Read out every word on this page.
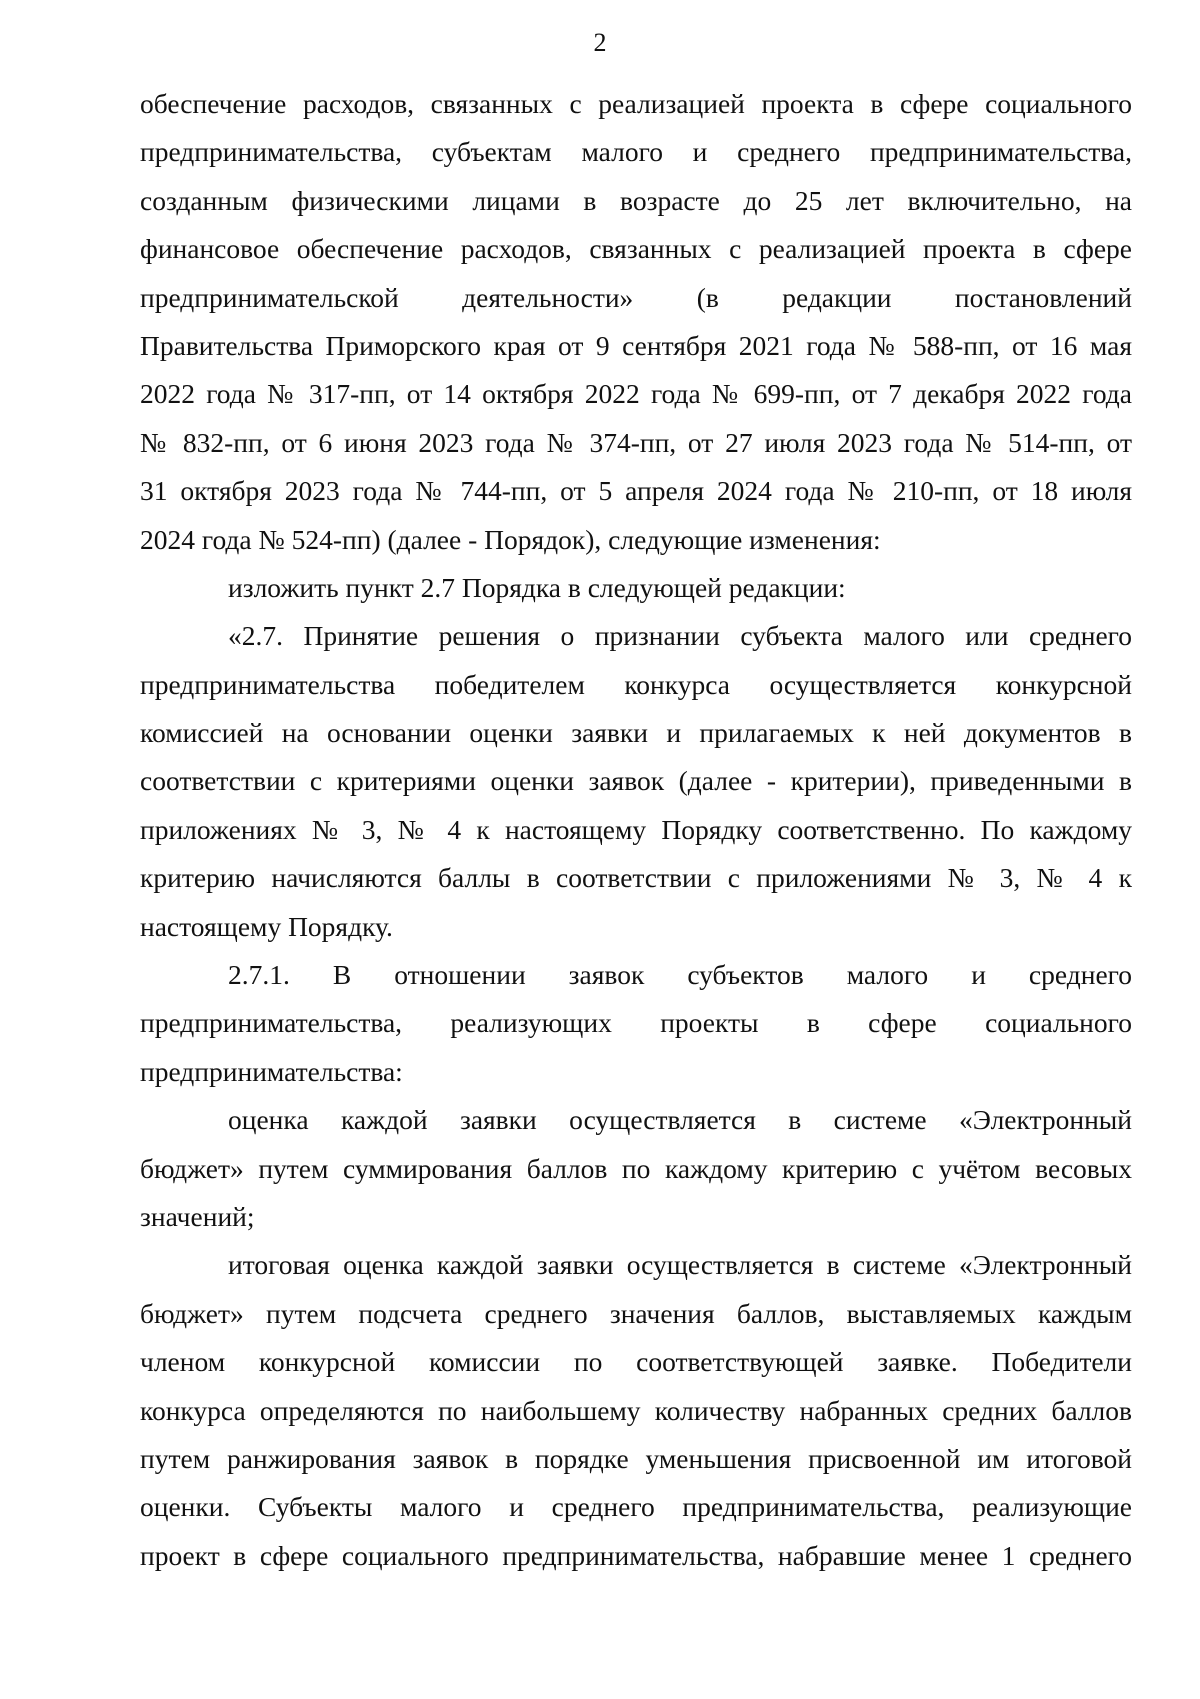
2
обеспечение расходов, связанных с реализацией проекта в сфере социального
предпринимательства, субъектам малого и среднего предпринимательства,
созданным физическими лицами в возрасте до 25 лет включительно, на
финансовое обеспечение расходов, связанных с реализацией проекта в сфере
предпринимательской деятельности» (в редакции постановлений
Правительства Приморского края от 9 сентября 2021 года № 588-пп, от 16 мая
2022 года № 317-пп, от 14 октября 2022 года № 699-пп, от 7 декабря 2022 года
№ 832-пп, от 6 июня 2023 года № 374-пп, от 27 июля 2023 года № 514-пп, от
31 октября 2023 года № 744-пп, от 5 апреля 2024 года № 210-пп, от 18 июля
2024 года № 524-пп) (далее - Порядок), следующие изменения:
изложить пункт 2.7 Порядка в следующей редакции:
«2.7. Принятие решения о признании субъекта малого или среднего
предпринимательства победителем конкурса осуществляется конкурсной
комиссией на основании оценки заявки и прилагаемых к ней документов в
соответствии с критериями оценки заявок (далее - критерии), приведенными в
приложениях № 3, № 4 к настоящему Порядку соответственно. По каждому
критерию начисляются баллы в соответствии с приложениями № 3, № 4 к
настоящему Порядку.
2.7.1. В отношении заявок субъектов малого и среднего
предпринимательства, реализующих проекты в сфере социального
предпринимательства:
оценка каждой заявки осуществляется в системе «Электронный
бюджет» путем суммирования баллов по каждому критерию с учётом весовых
значений;
итоговая оценка каждой заявки осуществляется в системе «Электронный
бюджет» путем подсчета среднего значения баллов, выставляемых каждым
членом конкурсной комиссии по соответствующей заявке. Победители
конкурса определяются по наибольшему количеству набранных средних баллов
путем ранжирования заявок в порядке уменьшения присвоенной им итоговой
оценки. Субъекты малого и среднего предпринимательства, реализующие
проект в сфере социального предпринимательства, набравшие менее 1 среднего
